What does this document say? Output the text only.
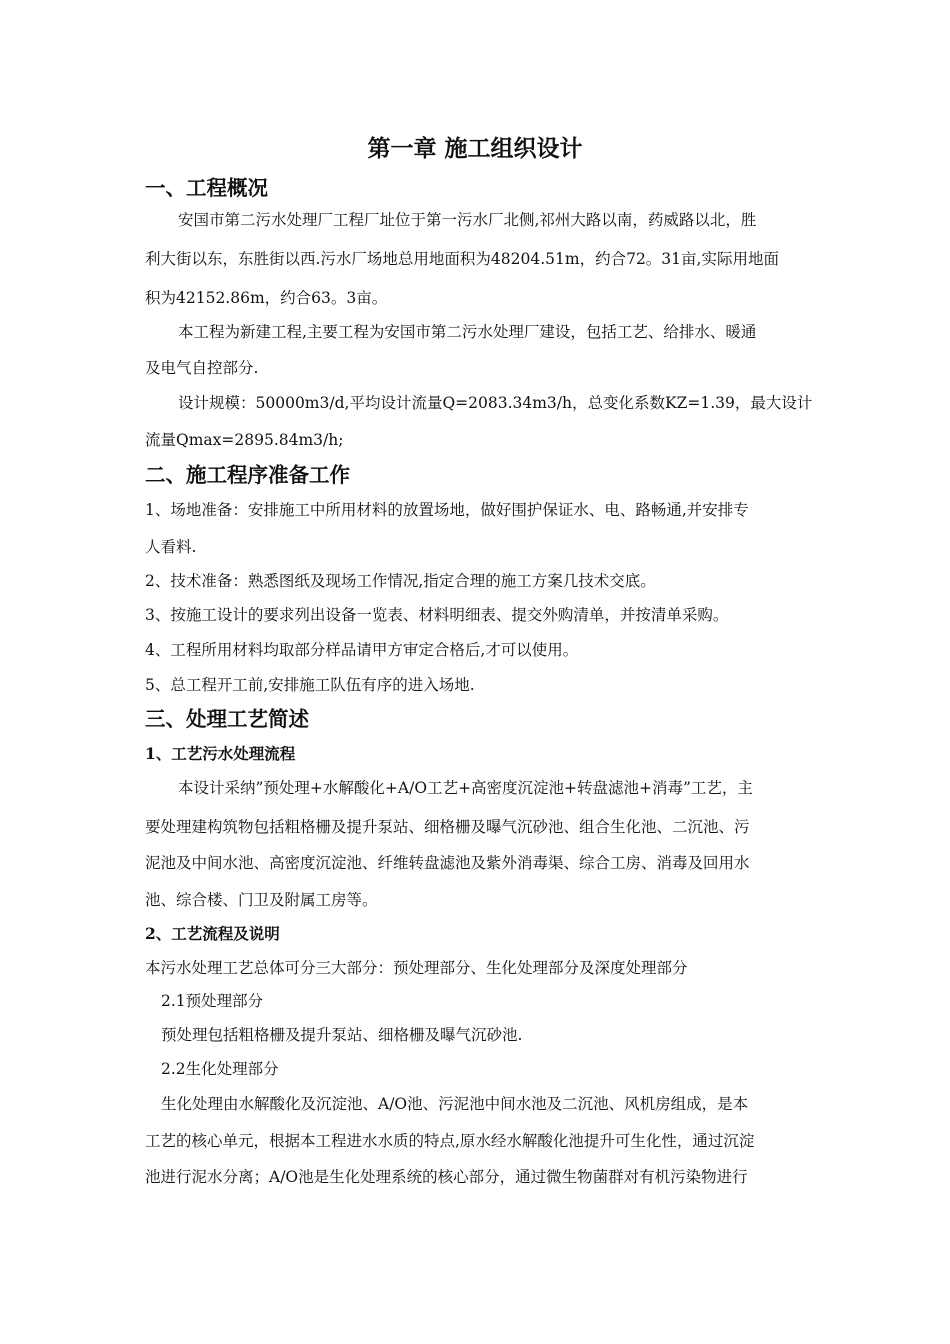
第一章 施工组织设计
一、工程概况

安国市第二污水处理厂工程厂址位于第一污水厂北侧,祁州大路以南，药威路以北，胜

利大街以东，东胜街以西.污水厂场地总用地面积为48204.51m，约合72。31亩,实际用地面

积为42152.86m，约合63。3亩。

本工程为新建工程,主要工程为安国市第二污水处理厂建设，包括工艺、给排水、暖通

及电气自控部分.

设计规模：50000m3/d,平均设计流量Q=2083.34m3/h，总变化系数KZ=1.39，最大设计

流量Qmax=2895.84m3/h;

二、施工程序准备工作

1、场地准备：安排施工中所用材料的放置场地，做好围护保证水、电、路畅通,并安排专

人看料.

2、技术准备：熟悉图纸及现场工作情况,指定合理的施工方案几技术交底。

3、按施工设计的要求列出设备一览表、材料明细表、提交外购清单，并按清单采购。

4、工程所用材料均取部分样品请甲方审定合格后,才可以使用。

5、总工程开工前,安排施工队伍有序的进入场地.

三、处理工艺简述
1、工艺污水处理流程

本设计采纳”预处理+水解酸化+A/O工艺+高密度沉淀池+转盘滤池+消毒”工艺，主

要处理建构筑物包括粗格栅及提升泵站、细格栅及曝气沉砂池、组合生化池、二沉池、污

泥池及中间水池、高密度沉淀池、纤维转盘滤池及紫外消毒渠、综合工房、消毒及回用水

池、综合楼、门卫及附属工房等。

2、工艺流程及说明

本污水处理工艺总体可分三大部分：预处理部分、生化处理部分及深度处理部分

2.1预处理部分

预处理包括粗格栅及提升泵站、细格栅及曝气沉砂池.

2.2生化处理部分

生化处理由水解酸化及沉淀池、A/O池、污泥池中间水池及二沉池、风机房组成，是本

工艺的核心单元，根据本工程进水水质的特点,原水经水解酸化池提升可生化性，通过沉淀

池进行泥水分离；A/O池是生化处理系统的核心部分，通过微生物菌群对有机污染物进行
